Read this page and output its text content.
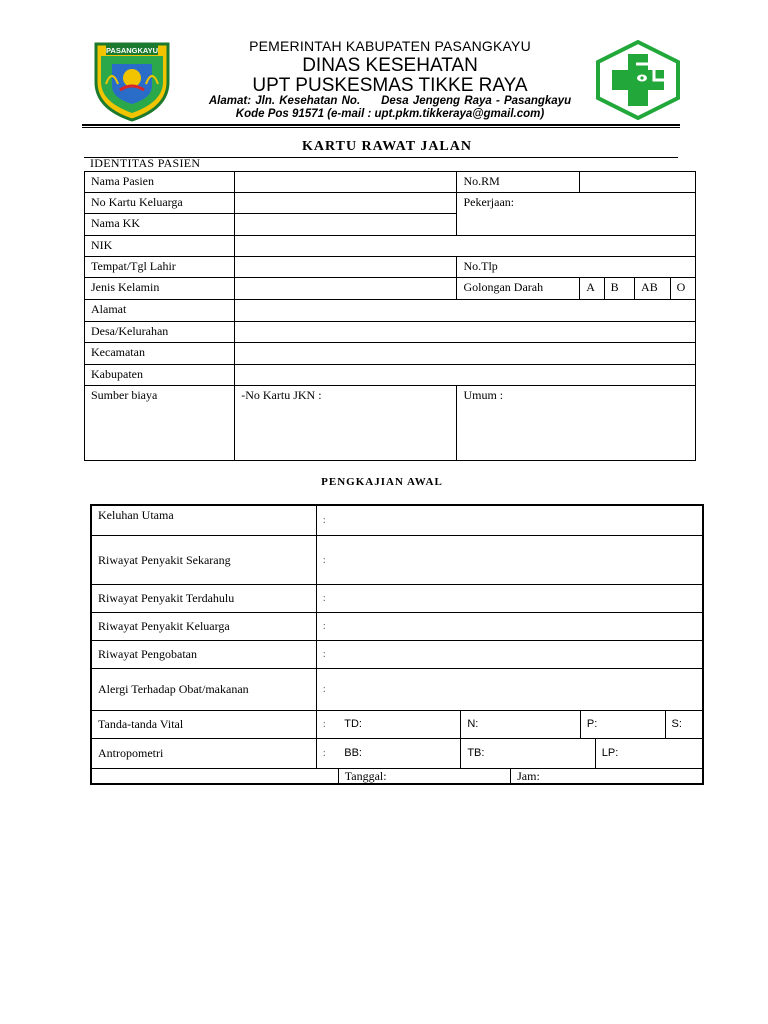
PASANGKAYU	PEMERINTAH KABUPATEN PASANGKAYU
DINAS KESEHATAN
UPT PUSKESMAS TIKKE RAYA
Alamat: Jln. Kesehatan No.     Desa Jengeng Raya - Pasangkayu
Kode Pos 91571 (e-mail : upt.pkm.tikkeraya@gmail.com)
KARTU RAWAT JALAN
IDENTITAS PASIEN
Nama Pasien		No.RM				
No Kartu Keluarga		Pekerjaan:				
Nama KK						
NIK						
Tempat/Tgl Lahir		No.Tlp				
Jenis Kelamin		Golongan Darah	A	B	AB	O
Alamat						
Desa/Kelurahan						
Kecamatan						
Kabupaten						
Sumber biaya	-No Kartu JKN :	Umum :				
PENGKAJIAN AWAL
Keluhan Utama	:						
Riwayat Penyakit Sekarang	:						
Riwayat Penyakit Terdahulu	:						
Riwayat Penyakit Keluarga	:						
Riwayat Pengobatan	:						
Alergi Terhadap Obat/makanan	:						
Tanda-tanda Vital	:	TD:	N:		P:		S:
Antropometri	:	BB:	TB:			LP:	
		Tanggal:		Jam:			
